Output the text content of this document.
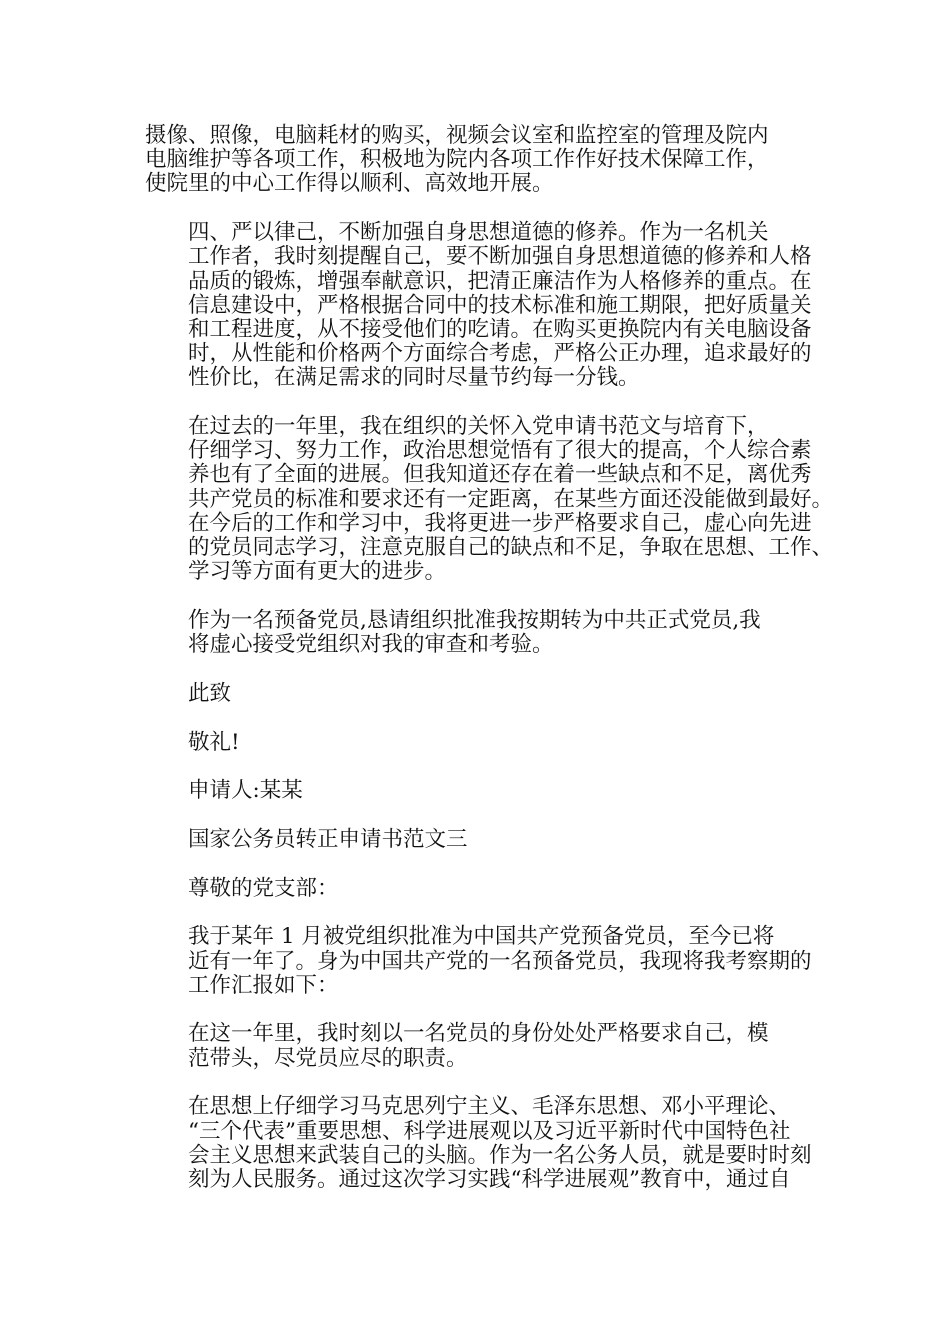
摄像、照像，电脑耗材的购买，视频会议室和监控室的管理及院内
电脑维护等各项工作，积极地为院内各项工作作好技术保障工作，
使院里的中心工作得以顺利、高效地开展。

四、严以律己，不断加强自身思想道德的修养。作为一名机关
工作者，我时刻提醒自己，要不断加强自身思想道德的修养和人格
品质的锻炼，增强奉献意识，把清正廉洁作为人格修养的重点。在
信息建设中，严格根据合同中的技术标准和施工期限，把好质量关
和工程进度，从不接受他们的吃请。在购买更换院内有关电脑设备
时，从性能和价格两个方面综合考虑，严格公正办理，追求最好的
性价比，在满足需求的同时尽量节约每一分钱。

在过去的一年里，我在组织的关怀入党申请书范文与培育下，
仔细学习、努力工作，政治思想觉悟有了很大的提高，个人综合素
养也有了全面的进展。但我知道还存在着一些缺点和不足，离优秀
共产党员的标准和要求还有一定距离，在某些方面还没能做到最好。
在今后的工作和学习中，我将更进一步严格要求自己，虚心向先进
的党员同志学习，注意克服自己的缺点和不足，争取在思想、工作、
学习等方面有更大的进步。

作为一名预备党员,恳请组织批准我按期转为中共正式党员,我
将虚心接受党组织对我的审查和考验。

此致

敬礼!

申请人:某某

国家公务员转正申请书范文三

尊敬的党支部：

我于某年 1 月被党组织批准为中国共产党预备党员，至今已将
近有一年了。身为中国共产党的一名预备党员，我现将我考察期的
工作汇报如下：

在这一年里，我时刻以一名党员的身份处处严格要求自己，模
范带头，尽党员应尽的职责。

在思想上仔细学习马克思列宁主义、毛泽东思想、邓小平理论、
“三个代表”重要思想、科学进展观以及习近平新时代中国特色社
会主义思想来武装自己的头脑。作为一名公务人员，就是要时时刻
刻为人民服务。通过这次学习实践“科学进展观”教育中，通过自
